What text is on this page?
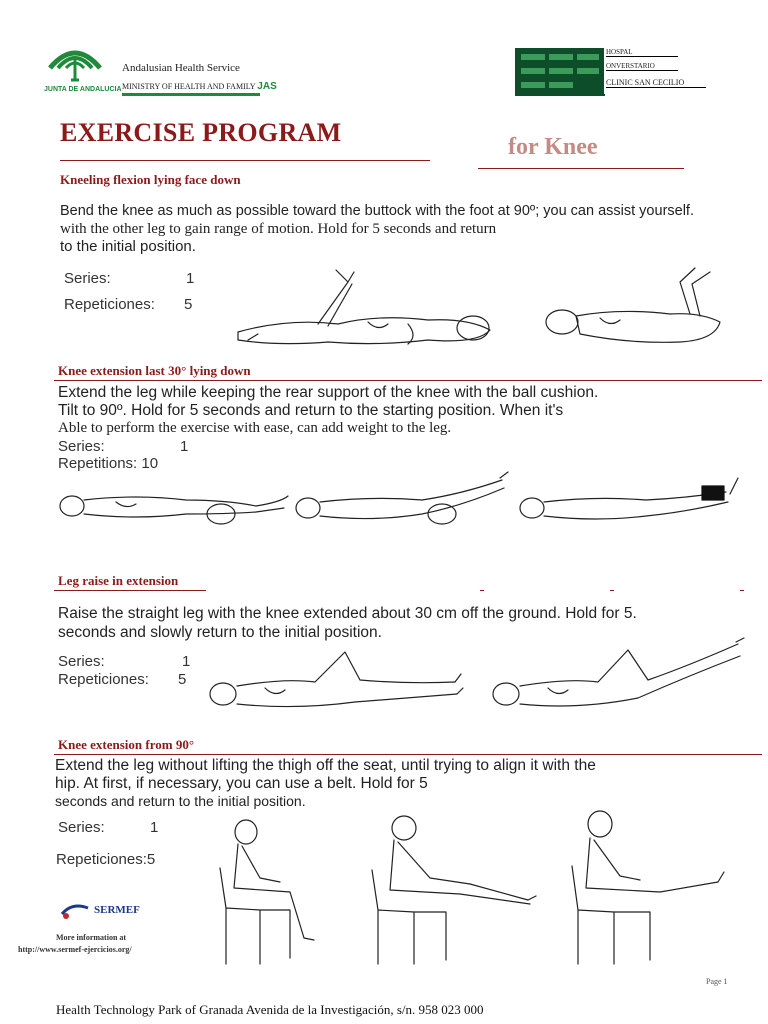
JUNTA DE ANDALUCIA
Andalusian Health Service
MINISTRY OF HEALTH AND FAMILY JAS
HOSPAL
ONVERSTARIO
CLINIC SAN CECILIO
EXERCISE PROGRAM	for Knee
Kneeling flexion lying face down
Bend the knee as much as possible toward the buttock with the foot at 90º; you can assist yourself.
with the other leg to gain range of motion. Hold for 5 seconds and return
to the initial position.
Series:	1
Repeticiones: 5
Knee extension last 30° lying down
Extend the leg while keeping the rear support of the knee with the ball cushion.
Tilt to 90º. Hold for 5 seconds and return to the starting position. When it's
Able to perform the exercise with ease, can add weight to the leg.
Series:	1
Repetitions: 10
Leg raise in extension
Raise the straight leg with the knee extended about 30 cm off the ground. Hold for 5.
seconds and slowly return to the initial position.
Series:	1
Repeticiones: 5
Knee extension from 90°
Extend the leg without lifting the thigh off the seat, until trying to align it with the
hip. At first, if necessary, you can use a belt. Hold for 5
seconds and return to the initial position.
Series:	1
Repeticiones:5
SERMEF
More information at
http://www.sermef-ejercicios.org/
Page 1
Health Technology Park of Granada Avenida de la Investigación, s/n. 958 023 000
